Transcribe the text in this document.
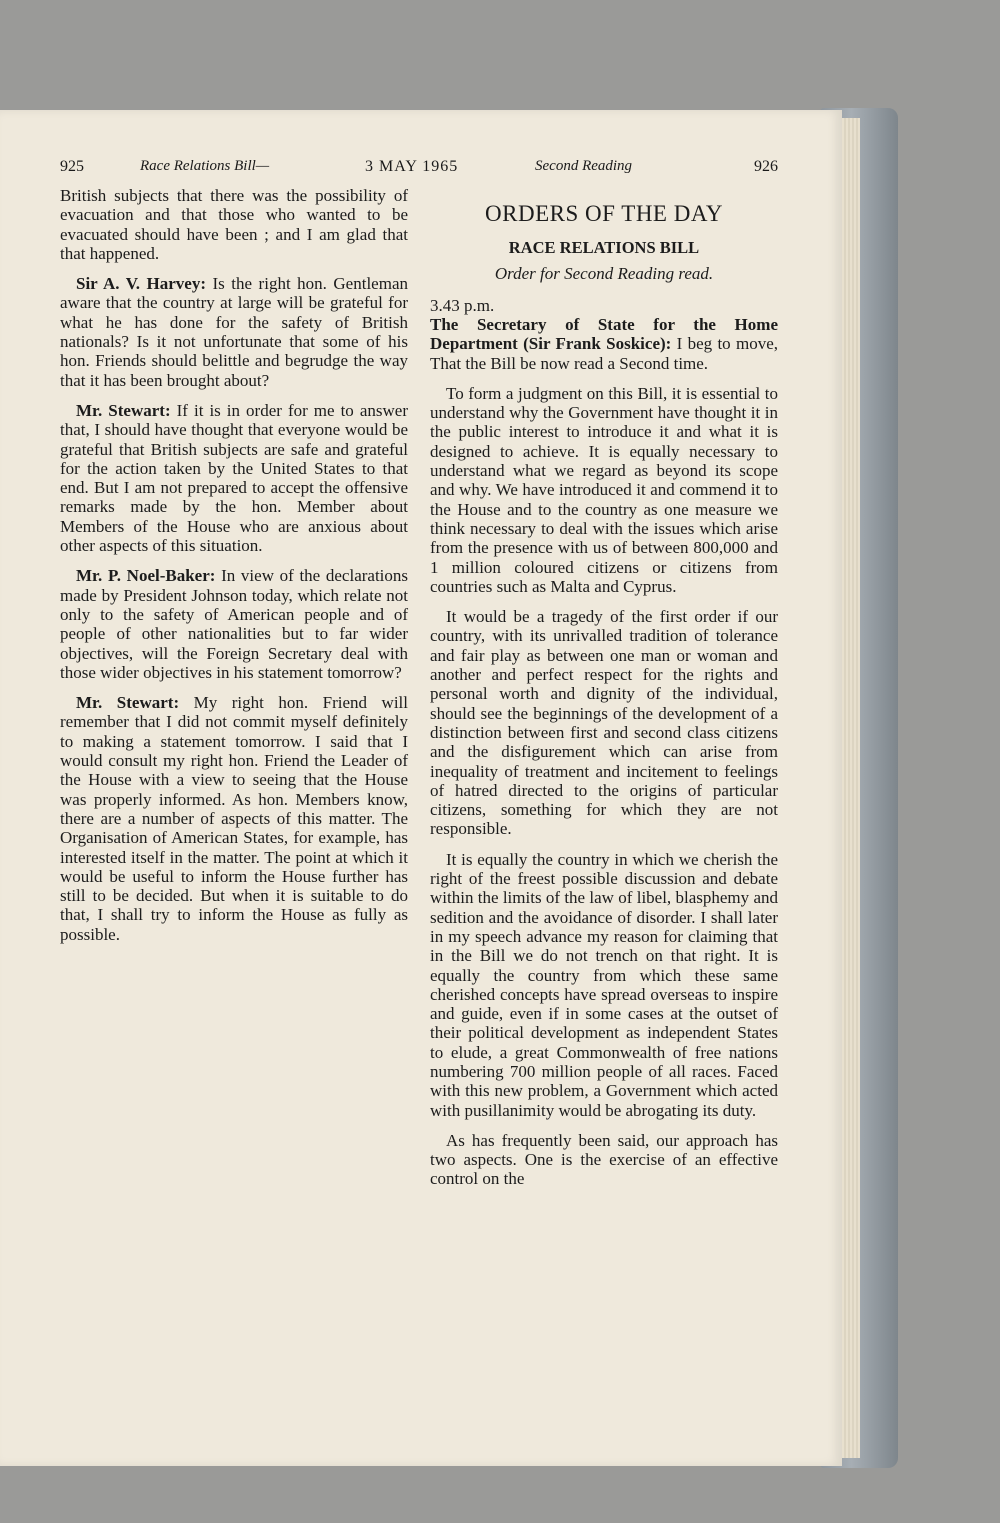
925	Race Relations Bill—	3 MAY 1965	Second Reading	926

British subjects that there was the possibility of evacuation and that those who wanted to be evacuated should have been ; and I am glad that that happened.

Sir A. V. Harvey: Is the right hon. Gentleman aware that the country at large will be grateful for what he has done for the safety of British nationals? Is it not unfortunate that some of his hon. Friends should belittle and begrudge the way that it has been brought about?

Mr. Stewart: If it is in order for me to answer that, I should have thought that everyone would be grateful that British subjects are safe and grateful for the action taken by the United States to that end. But I am not prepared to accept the offensive remarks made by the hon. Member about Members of the House who are anxious about other aspects of this situation.

Mr. P. Noel-Baker: In view of the declarations made by President Johnson today, which relate not only to the safety of American people and of people of other nationalities but to far wider objectives, will the Foreign Secretary deal with those wider objectives in his statement tomorrow?

Mr. Stewart: My right hon. Friend will remember that I did not commit myself definitely to making a statement tomorrow. I said that I would consult my right hon. Friend the Leader of the House with a view to seeing that the House was properly informed. As hon. Members know, there are a number of aspects of this matter. The Organisation of American States, for example, has interested itself in the matter. The point at which it would be useful to inform the House further has still to be decided. But when it is suitable to do that, I shall try to inform the House as fully as possible.

ORDERS OF THE DAY
RACE RELATIONS BILL
Order for Second Reading read.

3.43 p.m.

The Secretary of State for the Home Department (Sir Frank Soskice): I beg to move, That the Bill be now read a Second time.

To form a judgment on this Bill, it is essential to understand why the Government have thought it in the public interest to introduce it and what it is designed to achieve. It is equally necessary to understand what we regard as beyond its scope and why. We have introduced it and commend it to the House and to the country as one measure we think necessary to deal with the issues which arise from the presence with us of between 800,000 and 1 million coloured citizens or citizens from countries such as Malta and Cyprus.

It would be a tragedy of the first order if our country, with its unrivalled tradition of tolerance and fair play as between one man or woman and another and perfect respect for the rights and personal worth and dignity of the individual, should see the beginnings of the development of a distinction between first and second class citizens and the disfigurement which can arise from inequality of treatment and incitement to feelings of hatred directed to the origins of particular citizens, something for which they are not responsible.

It is equally the country in which we cherish the right of the freest possible discussion and debate within the limits of the law of libel, blasphemy and sedition and the avoidance of disorder. I shall later in my speech advance my reason for claiming that in the Bill we do not trench on that right. It is equally the country from which these same cherished concepts have spread overseas to inspire and guide, even if in some cases at the outset of their political development as independent States to elude, a great Commonwealth of free nations numbering 700 million people of all races. Faced with this new problem, a Government which acted with pusillanimity would be abrogating its duty.

As has frequently been said, our approach has two aspects. One is the exercise of an effective control on the
